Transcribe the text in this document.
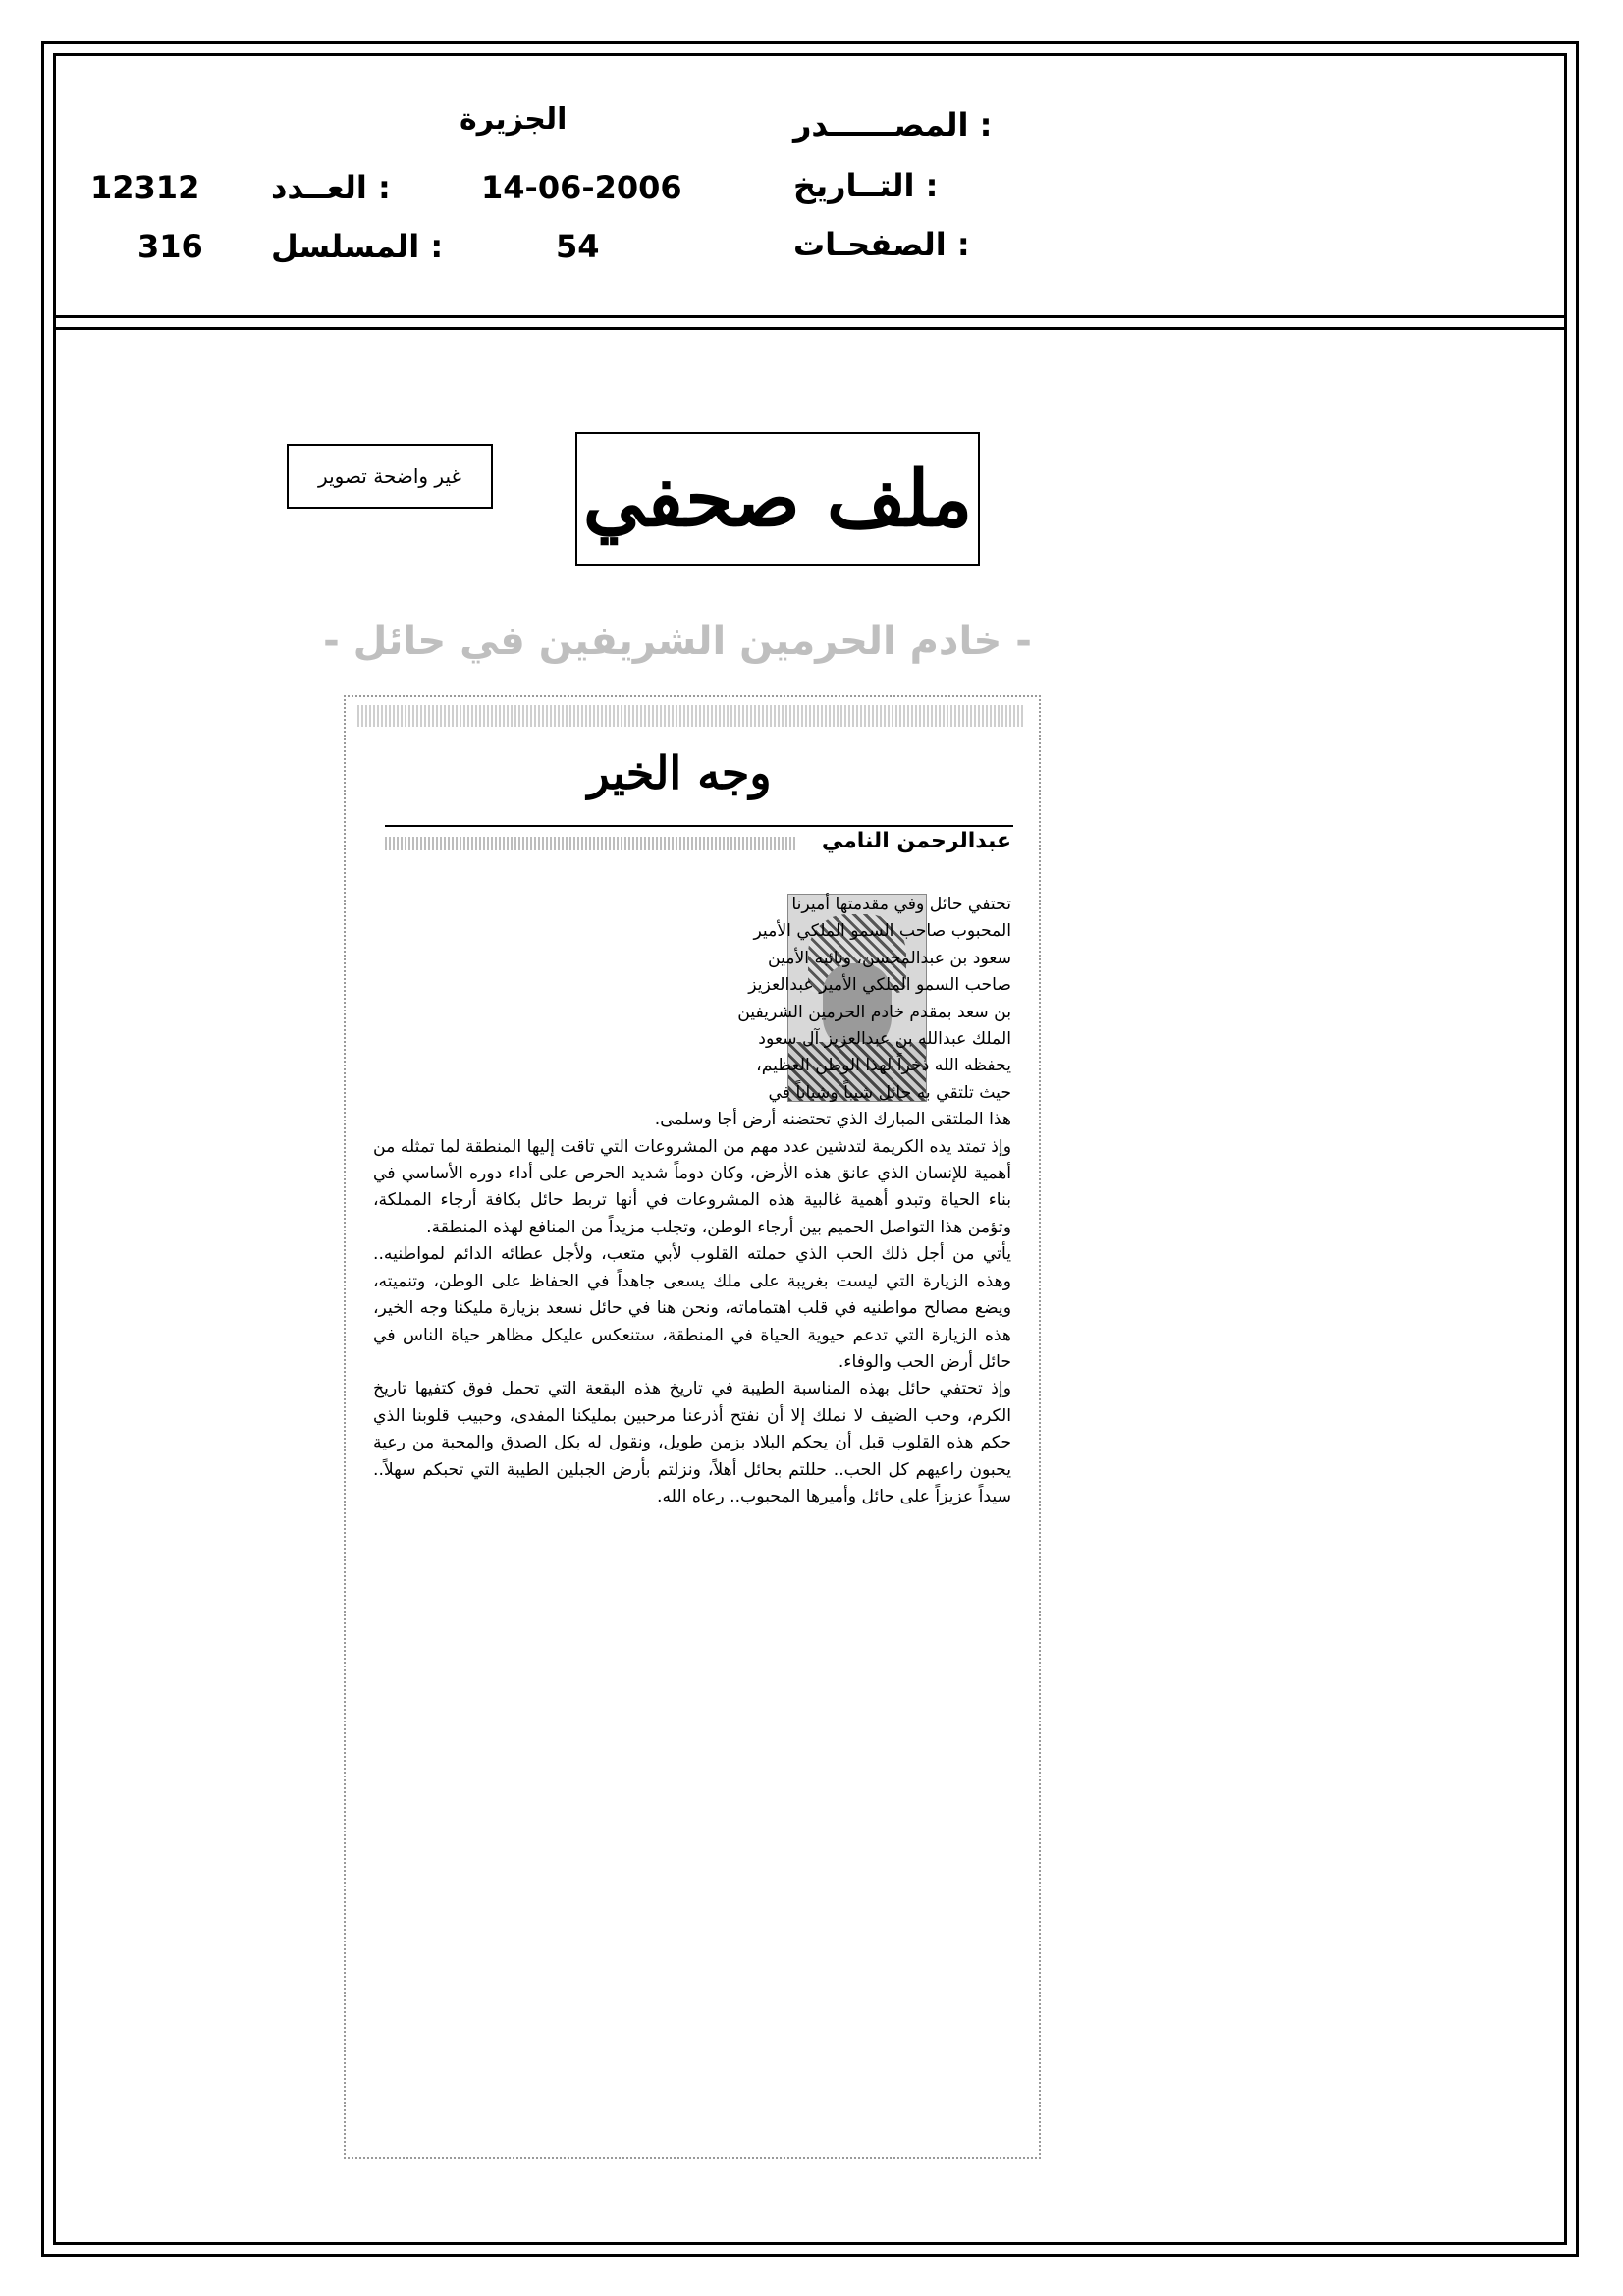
المصــــــدر :
الجزيرة
التــاريخ :
14-06-2006
العــدد :
12312
الصفحـات :
54
المسلسل :
316
ملف صحفي
غير واضحة تصوير
- خادم الحرمين الشريفين في حائل -
وجه الخير
عبدالرحمن النامي
تحتفي حائل وفي مقدمتها أميرنا
المحبوب صاحب السمو الملكي الأمير
سعود بن عبدالمحسن، ونائبه الأمين
صاحب السمو الملكي الأمير عبدالعزيز
بن سعد بمقدم خادم الحرمين الشريفين
الملك عبدالله بن عبدالعزيز آل سعود
يحفظه الله ذخراً لهذا الوطن العظيم،
حيث تلتقي به حائل شيباً وشباناً في

هذا الملتقى المبارك الذي تحتضنه أرض أجا وسلمى.

وإذ تمتد يده الكريمة لتدشين عدد مهم من المشروعات التي تاقت إليها المنطقة لما تمثله من أهمية للإنسان الذي عانق هذه الأرض، وكان دوماً شديد الحرص على أداء دوره الأساسي في بناء الحياة وتبدو أهمية غالبية هذه المشروعات في أنها تربط حائل بكافة أرجاء المملكة، وتؤمن هذا التواصل الحميم بين أرجاء الوطن، وتجلب مزيداً من المنافع لهذه المنطقة.

يأتي من أجل ذلك الحب الذي حملته القلوب لأبي متعب، ولأجل عطائه الدائم لمواطنيه.. وهذه الزيارة التي ليست بغريبة على ملك يسعى جاهداً في الحفاظ على الوطن، وتنميته، ويضع مصالح مواطنيه في قلب اهتماماته، ونحن هنا في حائل نسعد بزيارة مليكنا وجه الخير، هذه الزيارة التي تدعم حيوية الحياة في المنطقة، ستنعكس عليكل مظاهر حياة الناس في حائل أرض الحب والوفاء.

وإذ تحتفي حائل بهذه المناسبة الطيبة في تاريخ هذه البقعة التي تحمل فوق كتفيها تاريخ الكرم، وحب الضيف لا نملك إلا أن نفتح أذرعنا مرحبين بمليكنا المفدى، وحبيب قلوبنا الذي حكم هذه القلوب قبل أن يحكم البلاد بزمن طويل، ونقول له بكل الصدق والمحبة من رعية يحبون راعيهم كل الحب.. حللتم بحائل أهلاً، ونزلتم بأرض الجبلين الطيبة التي تحبكم سهلاً.. سيداً عزيزاً على حائل وأميرها المحبوب.. رعاه الله.
